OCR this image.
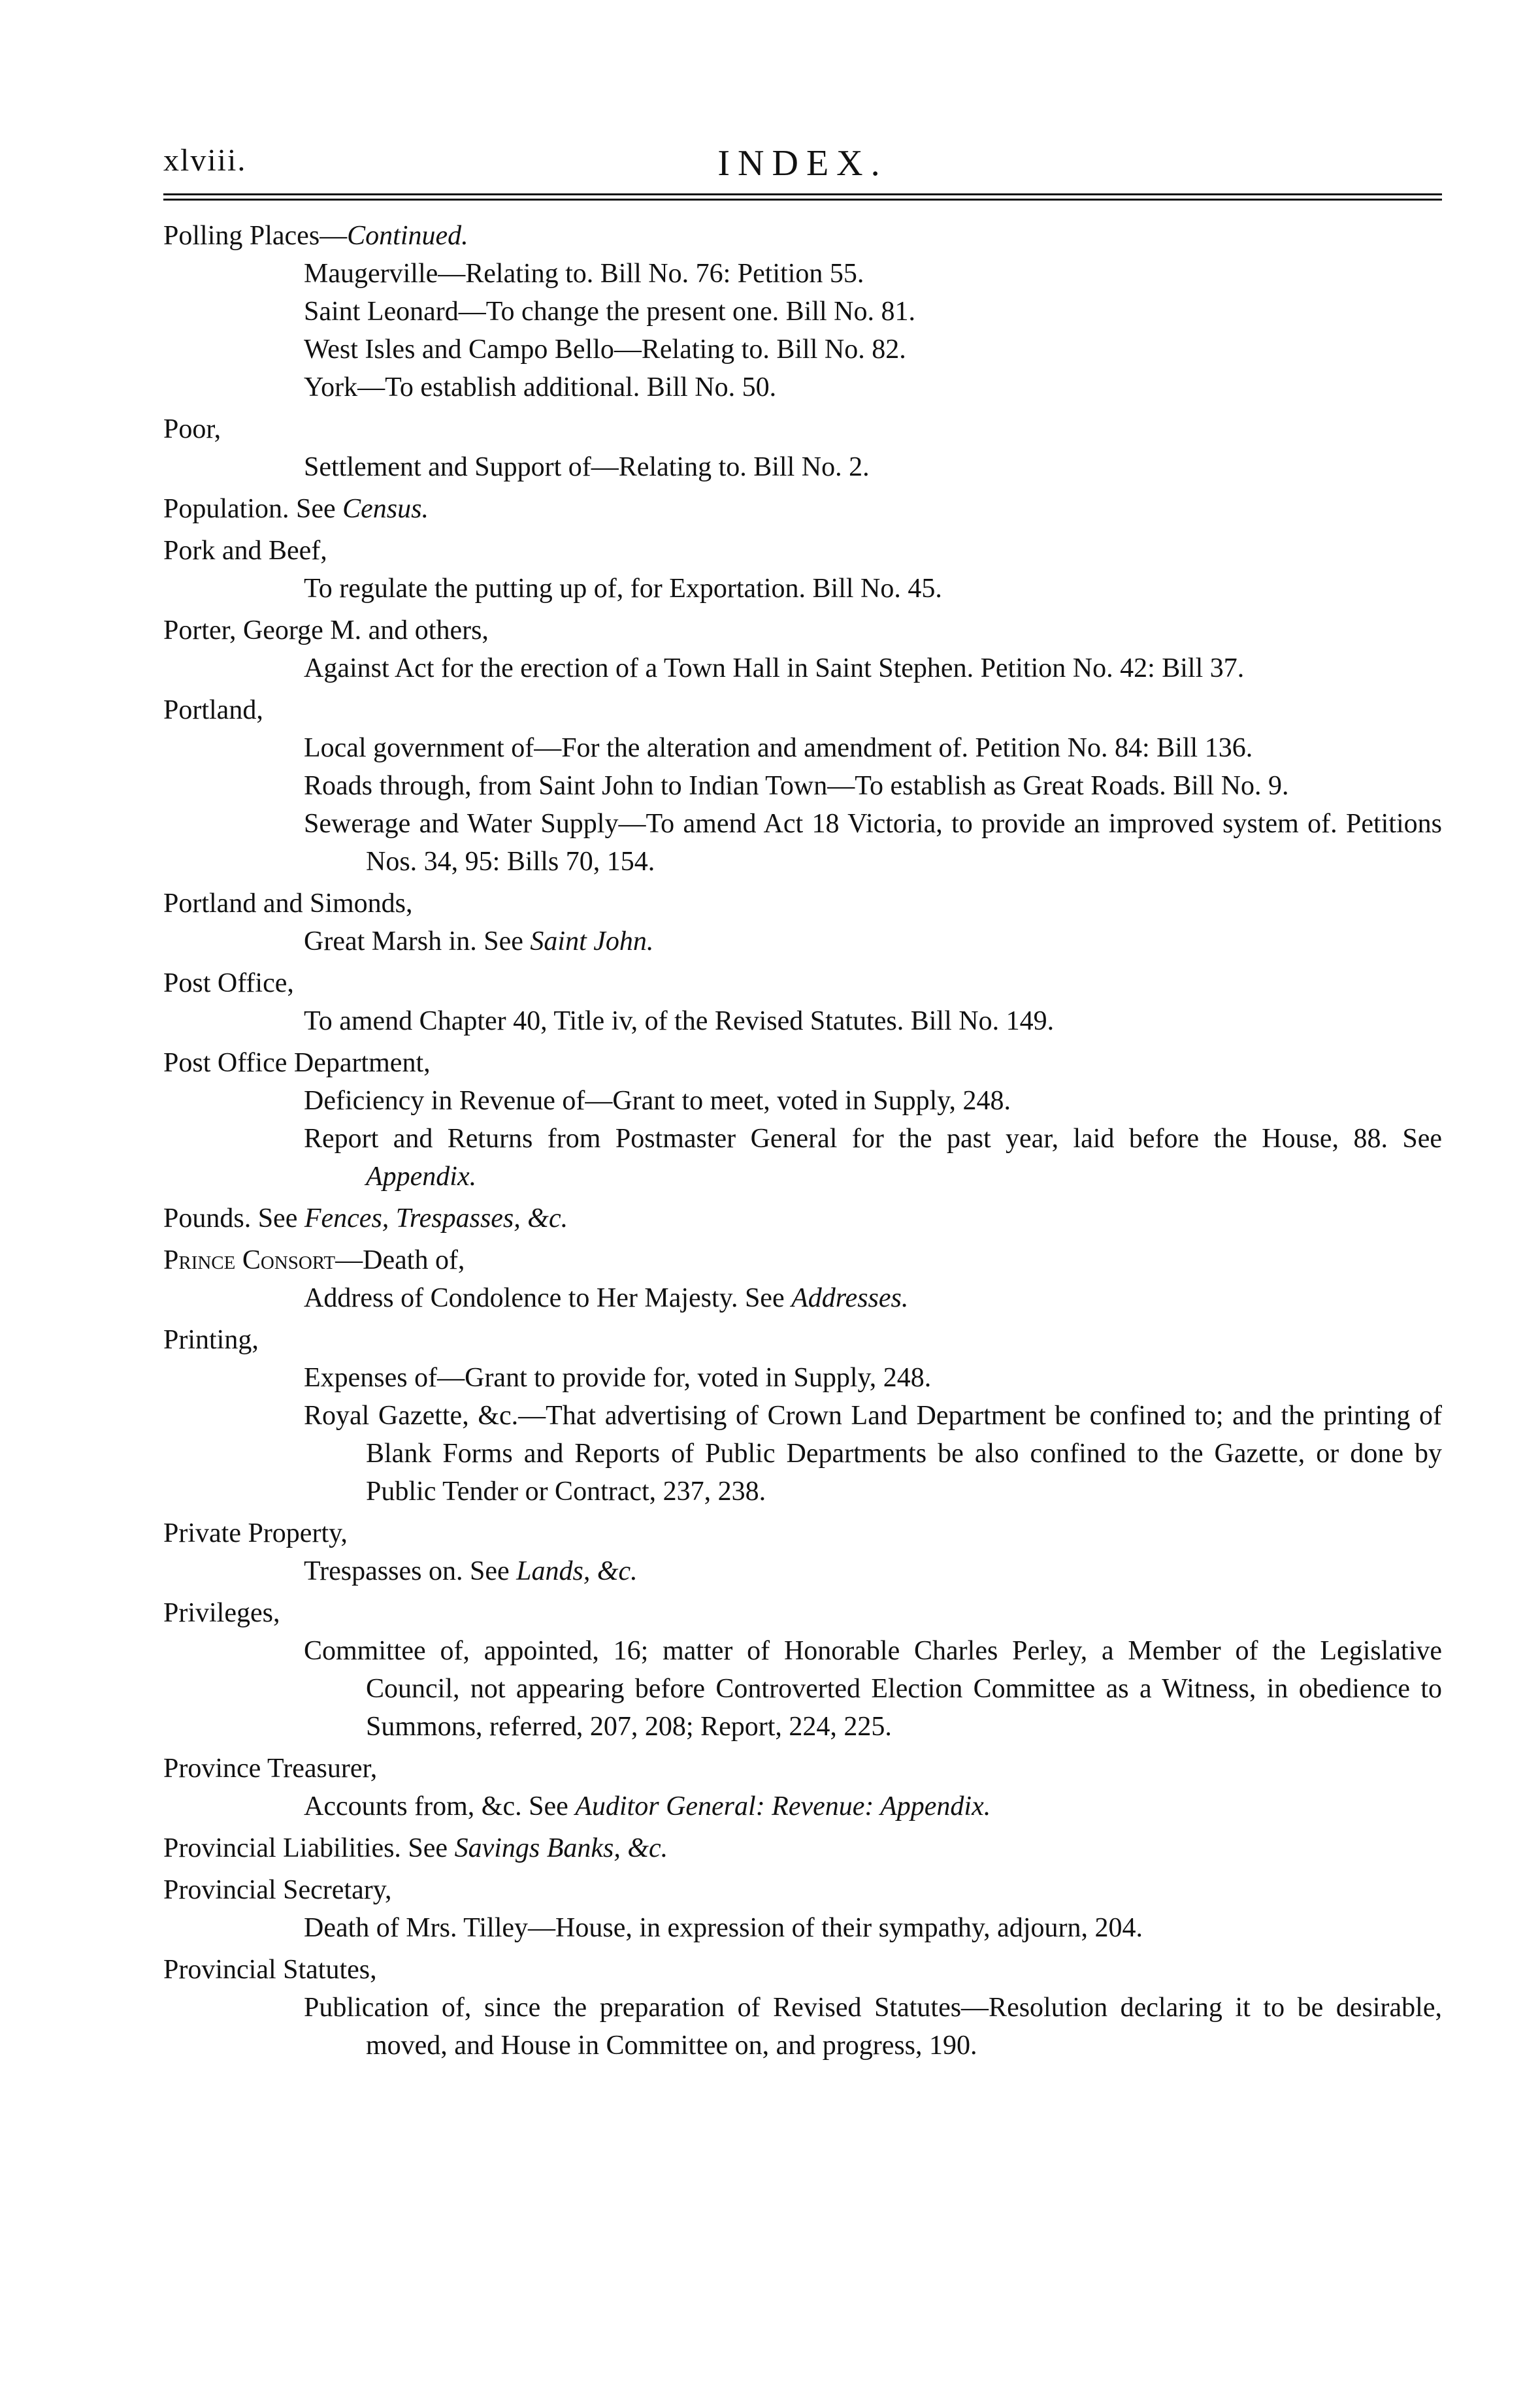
xlviii.	INDEX.
Polling Places—Continued.
Maugerville—Relating to. Bill No. 76: Petition 55.
Saint Leonard—To change the present one. Bill No. 81.
West Isles and Campo Bello—Relating to. Bill No. 82.
York—To establish additional. Bill No. 50.
Poor,
Settlement and Support of—Relating to. Bill No. 2.
Population. See Census.
Pork and Beef,
To regulate the putting up of, for Exportation. Bill No. 45.
Porter, George M. and others,
Against Act for the erection of a Town Hall in Saint Stephen. Petition No. 42: Bill 37.
Portland,
Local government of—For the alteration and amendment of. Petition No. 84: Bill 136.
Roads through, from Saint John to Indian Town—To establish as Great Roads. Bill No. 9.
Sewerage and Water Supply—To amend Act 18 Victoria, to provide an improved system of. Petitions Nos. 34, 95: Bills 70, 154.
Portland and Simonds,
Great Marsh in. See Saint John.
Post Office,
To amend Chapter 40, Title iv, of the Revised Statutes. Bill No. 149.
Post Office Department,
Deficiency in Revenue of—Grant to meet, voted in Supply, 248.
Report and Returns from Postmaster General for the past year, laid before the House, 88. See Appendix.
Pounds. See Fences, Trespasses, &c.
Prince Consort—Death of,
Address of Condolence to Her Majesty. See Addresses.
Printing,
Expenses of—Grant to provide for, voted in Supply, 248.
Royal Gazette, &c.—That advertising of Crown Land Department be confined to; and the printing of Blank Forms and Reports of Public Departments be also confined to the Gazette, or done by Public Tender or Contract, 237, 238.
Private Property,
Trespasses on. See Lands, &c.
Privileges,
Committee of, appointed, 16; matter of Honorable Charles Perley, a Member of the Legislative Council, not appearing before Controverted Election Committee as a Witness, in obedience to Summons, referred, 207, 208; Report, 224, 225.
Province Treasurer,
Accounts from, &c. See Auditor General: Revenue: Appendix.
Provincial Liabilities. See Savings Banks, &c.
Provincial Secretary,
Death of Mrs. Tilley—House, in expression of their sympathy, adjourn, 204.
Provincial Statutes,
Publication of, since the preparation of Revised Statutes—Resolution declaring it to be desirable, moved, and House in Committee on, and progress, 190.
